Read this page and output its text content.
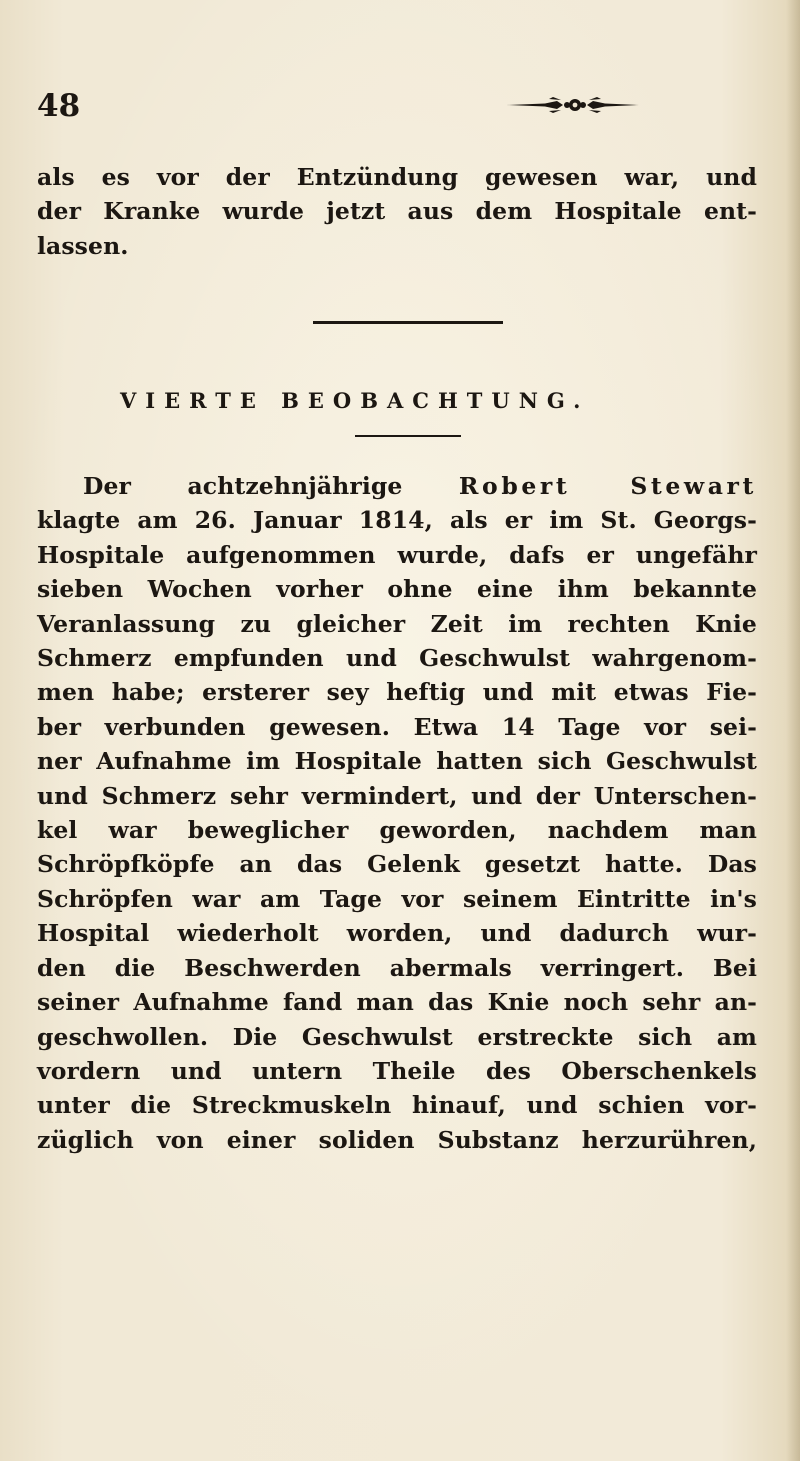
48
als es vor der Entzündung gewesen war, und
der Kranke wurde jetzt aus dem Hospitale ent-
lassen.
VIERTE BEOBACHTUNG.
Der achtzehnjährige Robert Stewart
klagte am 26. Januar 1814, als er im St. Georgs-
Hospitale aufgenommen wurde, dafs er ungefähr
sieben Wochen vorher ohne eine ihm bekannte
Veranlassung zu gleicher Zeit im rechten Knie
Schmerz empfunden und Geschwulst wahrgenom-
men habe; ersterer sey heftig und mit etwas Fie-
ber verbunden gewesen. Etwa 14 Tage vor sei-
ner Aufnahme im Hospitale hatten sich Geschwulst
und Schmerz sehr vermindert, und der Unterschen-
kel war beweglicher geworden, nachdem man
Schröpfköpfe an das Gelenk gesetzt hatte. Das
Schröpfen war am Tage vor seinem Eintritte in's
Hospital wiederholt worden, und dadurch wur-
den die Beschwerden abermals verringert. Bei
seiner Aufnahme fand man das Knie noch sehr an-
geschwollen. Die Geschwulst erstreckte sich am
vordern und untern Theile des Oberschenkels
unter die Streckmuskeln hinauf, und schien vor-
züglich von einer soliden Substanz herzurühren,
